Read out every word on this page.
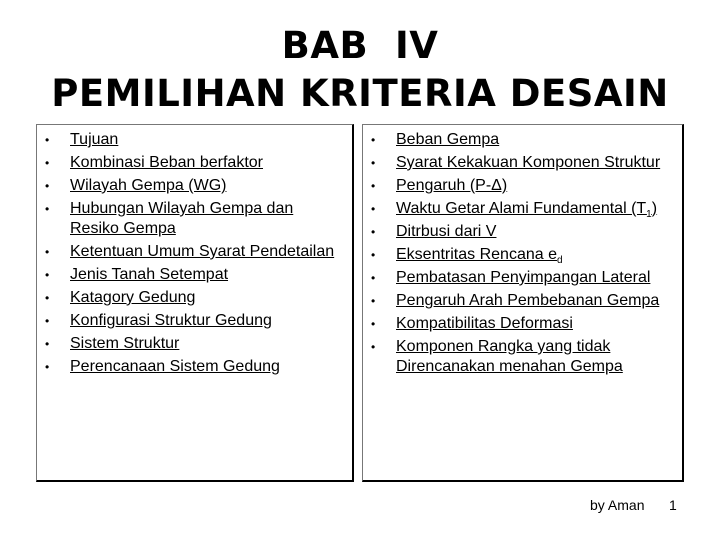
BAB  IV
PEMILIHAN KRITERIA DESAIN
• Tujuan
• Kombinasi Beban berfaktor
• Wilayah Gempa (WG)
• Hubungan Wilayah Gempa dan Resiko Gempa
• Ketentuan Umum Syarat Pendetailan
• Jenis Tanah Setempat
• Katagory Gedung
• Konfigurasi Struktur Gedung
• Sistem Struktur
• Perencanaan Sistem Gedung
• Beban Gempa
• Syarat Kekakuan Komponen Struktur
• Pengaruh (P-Δ)
• Waktu Getar Alami Fundamental $(T_1)$
• Ditrbusi dari V
• Eksentritas Rencana $e_d$
• Pembatasan Penyimpangan Lateral
• Pengaruh Arah Pembebanan Gempa
• Kompatibilitas Deformasi
• Komponen Rangka yang tidak Direncanakan menahan Gempa
by Aman 1
